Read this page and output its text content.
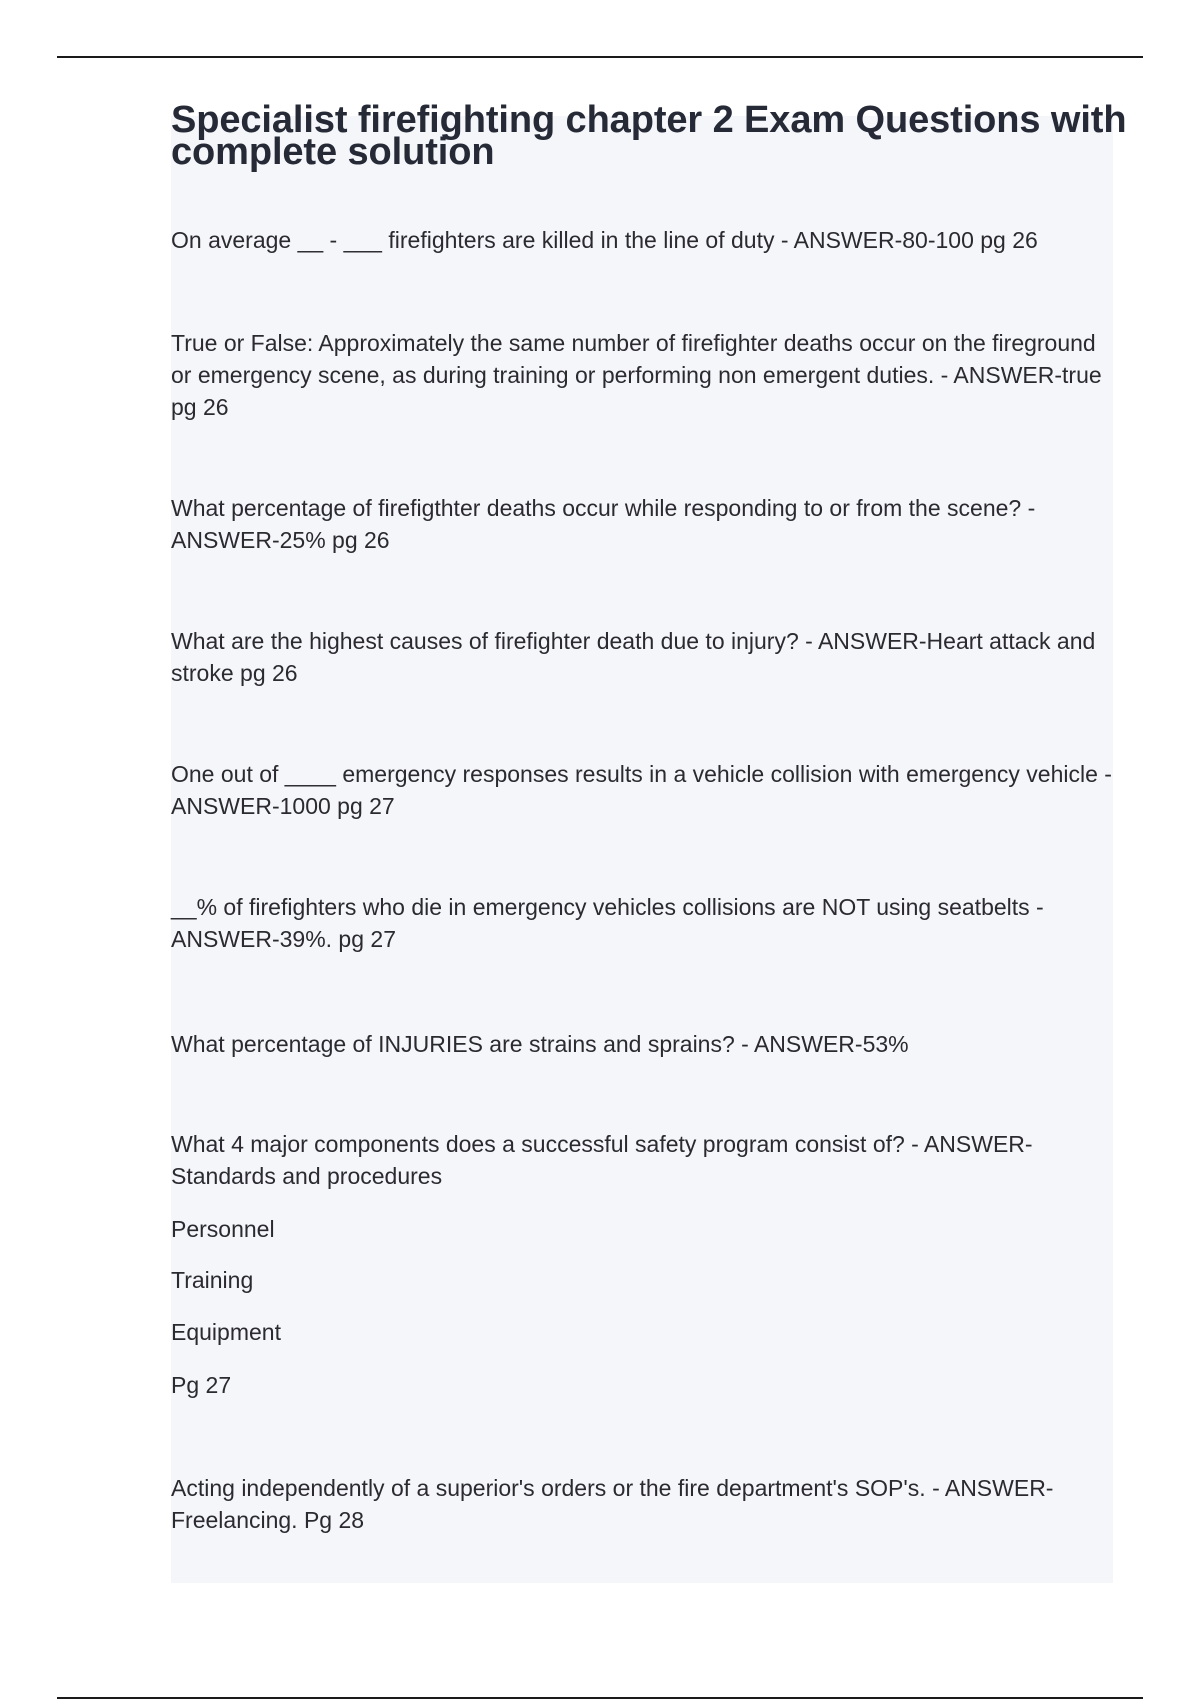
Specialist firefighting chapter 2 Exam Questions with complete solution

On average __ - ___ firefighters are killed in the line of duty - ANSWER-80-100 pg 26

True or False: Approximately the same number of firefighter deaths occur on the fireground or emergency scene, as during training or performing non emergent duties. - ANSWER-true pg 26

What percentage of firefigthter deaths occur while responding to or from the scene? - ANSWER-25% pg 26

What are the highest causes of firefighter death due to injury? - ANSWER-Heart attack and stroke pg 26

One out of ____ emergency responses results in a vehicle collision with emergency vehicle - ANSWER-1000 pg 27

__% of firefighters who die in emergency vehicles collisions are NOT using seatbelts - ANSWER-39%. pg 27

What percentage of INJURIES are strains and sprains? - ANSWER-53%

What 4 major components does a successful safety program consist of? - ANSWER-Standards and procedures

Personnel

Training

Equipment

Pg 27

Acting independently of a superior's orders or the fire department's SOP's. - ANSWER-Freelancing. Pg 28
